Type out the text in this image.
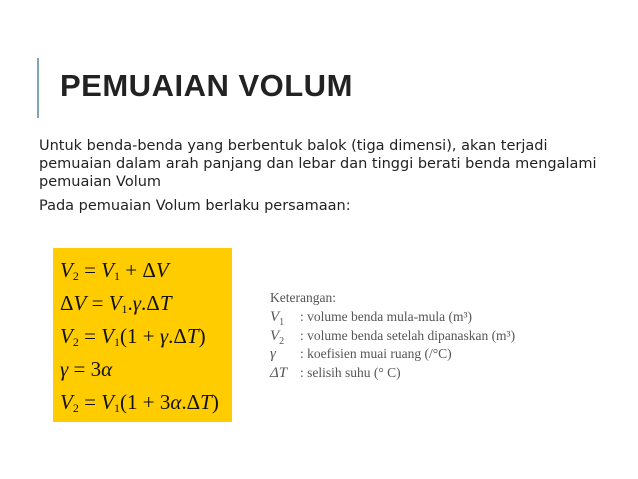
PEMUAIAN VOLUM

Untuk benda-benda yang berbentuk balok (tiga dimensi), akan terjadi pemuaian dalam arah panjang dan lebar dan tinggi berati benda mengalami pemuaian Volum

Pada pemuaian Volum berlaku persamaan:

$V_2 = V_1 + \Delta V$
$\Delta V = V_1.\gamma.\Delta T$
$V_2 = V_1(1 + \gamma.\Delta T)$
γ = 3α
$V_2 = V_1(1 + 3\alpha.\Delta T)$
Keterangan:
$V_1$ : volume benda mula-mula (m³)
$V_2$ : volume benda setelah dipanaskan (m³)
γ : koefisien muai ruang (/°C)
ΔT : selisih suhu (° C)
